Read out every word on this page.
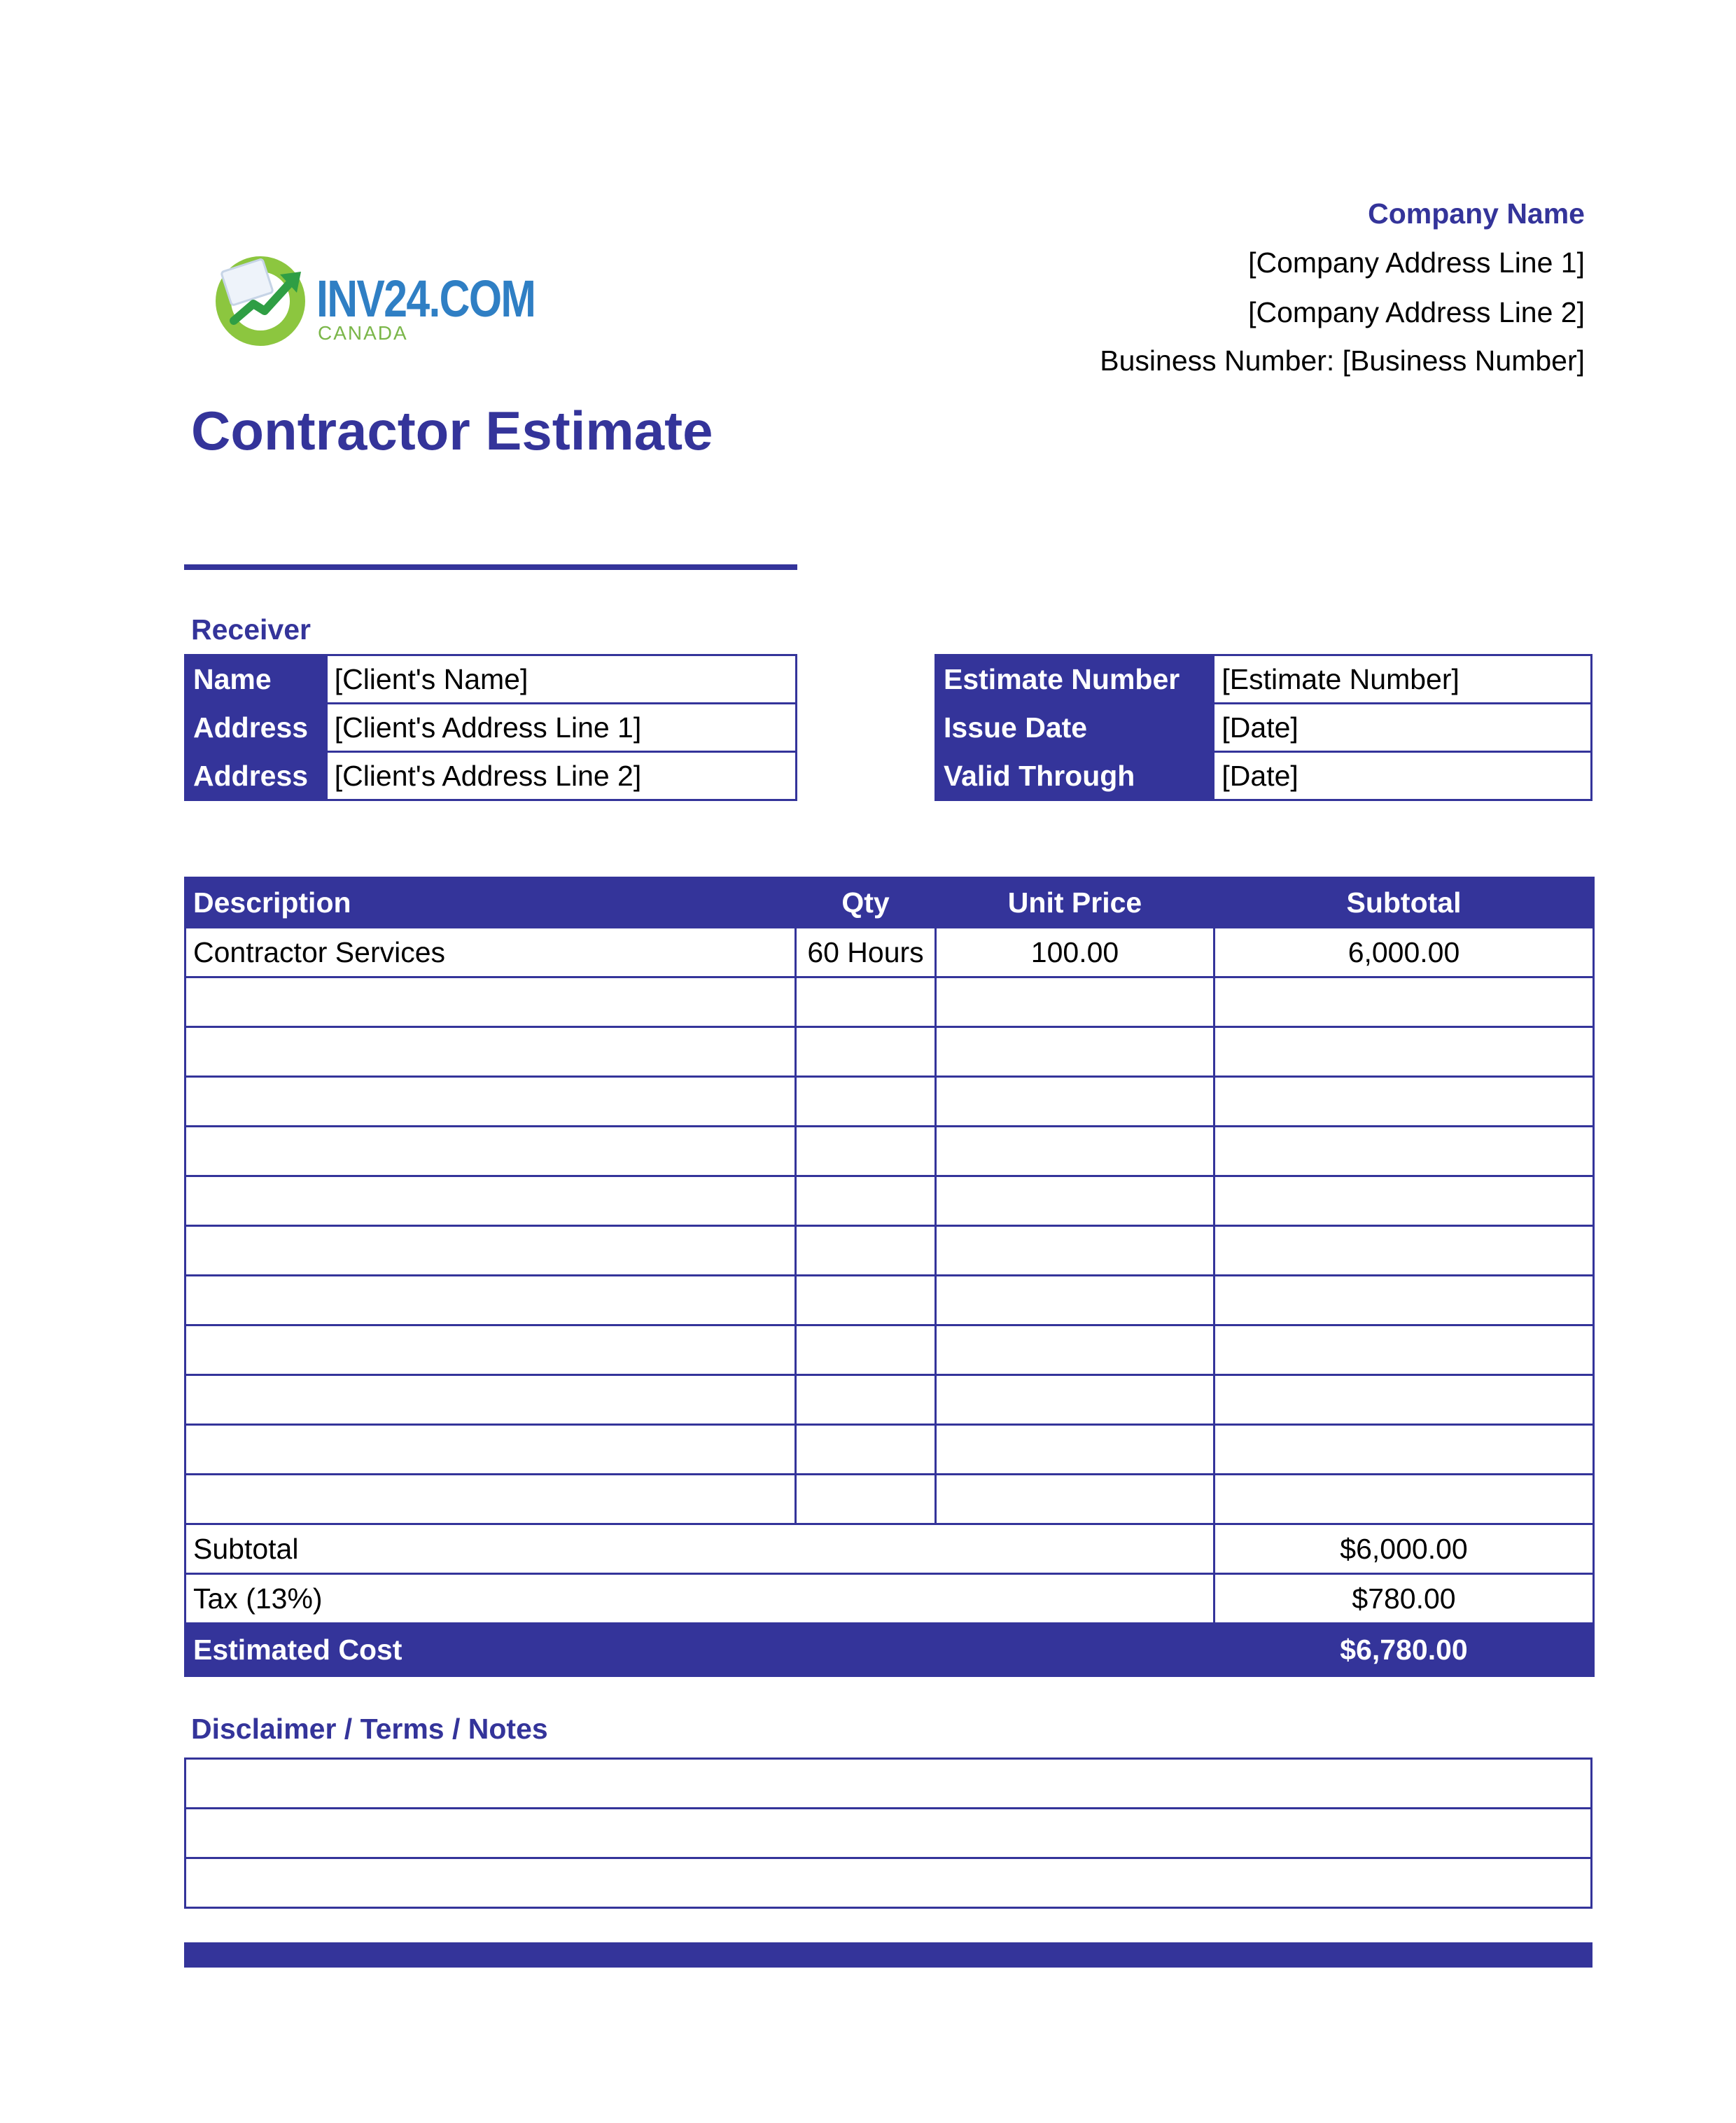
Company Name
[Company Address Line 1]
[Company Address Line 2]
Business Number: [Business Number]
INV24.COM
CANADA
Contractor Estimate
Receiver
Name	[Client's Name]
Address	[Client's Address Line 1]
Address	[Client's Address Line 2]
Estimate Number	[Estimate Number]
Issue Date	[Date]
Valid Through	[Date]
Description	Qty	Unit Price	Subtotal
Contractor Services	60 Hours	100.00	6,000.00

Subtotal			$6,000.00
Tax (13%)			$780.00
Estimated Cost			$6,780.00
Disclaimer / Terms / Notes
